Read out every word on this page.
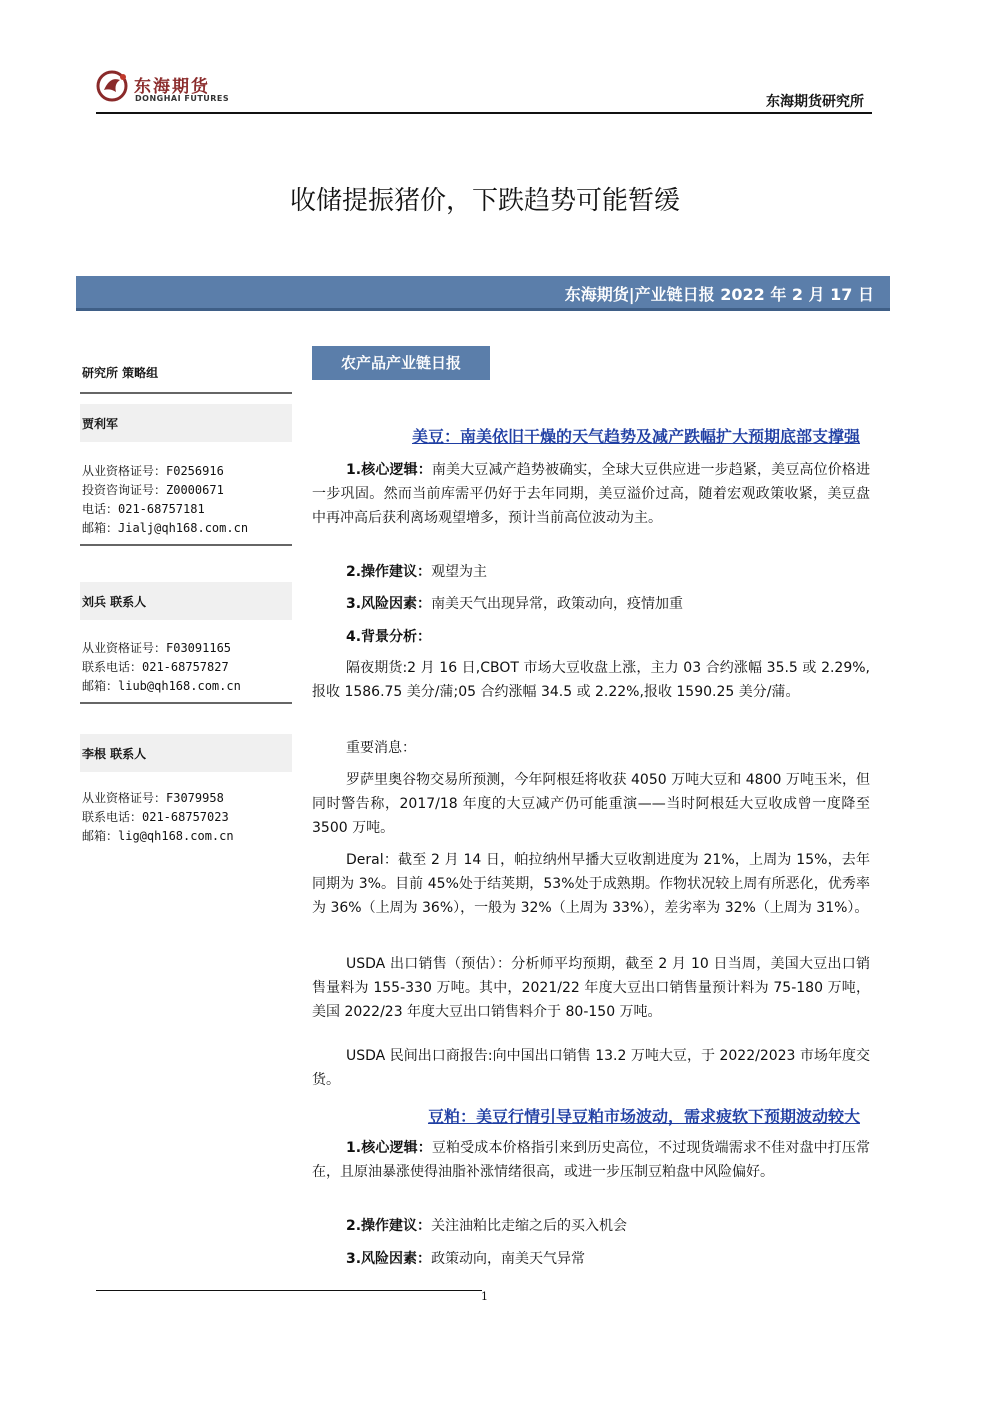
东海期货
DONGHAI FUTURES	东海期货研究所
收储提振猪价，下跌趋势可能暂缓
东海期货|产业链日报 2022 年 2 月 17 日
研究所 策略组
贾利军
从业资格证号：F0256916
投资咨询证号：Z0000671
电话：021-68757181
邮箱：Jialj@qh168.com.cn
刘兵 联系人
从业资格证号：F03091165
联系电话：021-68757827
邮箱：liub@qh168.com.cn
李根 联系人
从业资格证号：F3079958
联系电话：021-68757023
邮箱：lig@qh168.com.cn
农产品产业链日报
美豆：南美依旧干燥的天气趋势及减产跌幅扩大预期底部支撑强
1.核心逻辑：南美大豆减产趋势被确实，全球大豆供应进一步趋紧，美豆高位价格进一步巩固。然而当前库需平仍好于去年同期，美豆溢价过高，随着宏观政策收紧，美豆盘中再冲高后获利离场观望增多，预计当前高位波动为主。
2.操作建议：观望为主
3.风险因素：南美天气出现异常，政策动向，疫情加重
4.背景分析：
隔夜期货:2 月 16 日,CBOT 市场大豆收盘上涨，主力 03 合约涨幅 35.5 或 2.29%,报收 1586.75 美分/蒲;05 合约涨幅 34.5 或 2.22%,报收 1590.25 美分/蒲。
重要消息：
罗萨里奥谷物交易所预测，今年阿根廷将收获 4050 万吨大豆和 4800 万吨玉米，但同时警告称，2017/18 年度的大豆减产仍可能重演——当时阿根廷大豆收成曾一度降至 3500 万吨。
Deral：截至 2 月 14 日，帕拉纳州早播大豆收割进度为 21%，上周为 15%，去年同期为 3%。目前 45%处于结荚期，53%处于成熟期。作物状况较上周有所恶化，优秀率为 36%（上周为 36%），一般为 32%（上周为 33%），差劣率为 32%（上周为 31%）。
USDA 出口销售（预估）：分析师平均预期，截至 2 月 10 日当周，美国大豆出口销售量料为 155-330 万吨。其中，2021/22 年度大豆出口销售量预计料为 75-180 万吨，美国 2022/23 年度大豆出口销售料介于 80-150 万吨。
USDA 民间出口商报告:向中国出口销售 13.2 万吨大豆，于 2022/2023 市场年度交货。
豆粕：美豆行情引导豆粕市场波动，需求疲软下预期波动较大
1.核心逻辑：豆粕受成本价格指引来到历史高位，不过现货端需求不佳对盘中打压常在，且原油暴涨使得油脂补涨情绪很高，或进一步压制豆粕盘中风险偏好。
2.操作建议：关注油粕比走缩之后的买入机会
3.风险因素：政策动向，南美天气异常
1
